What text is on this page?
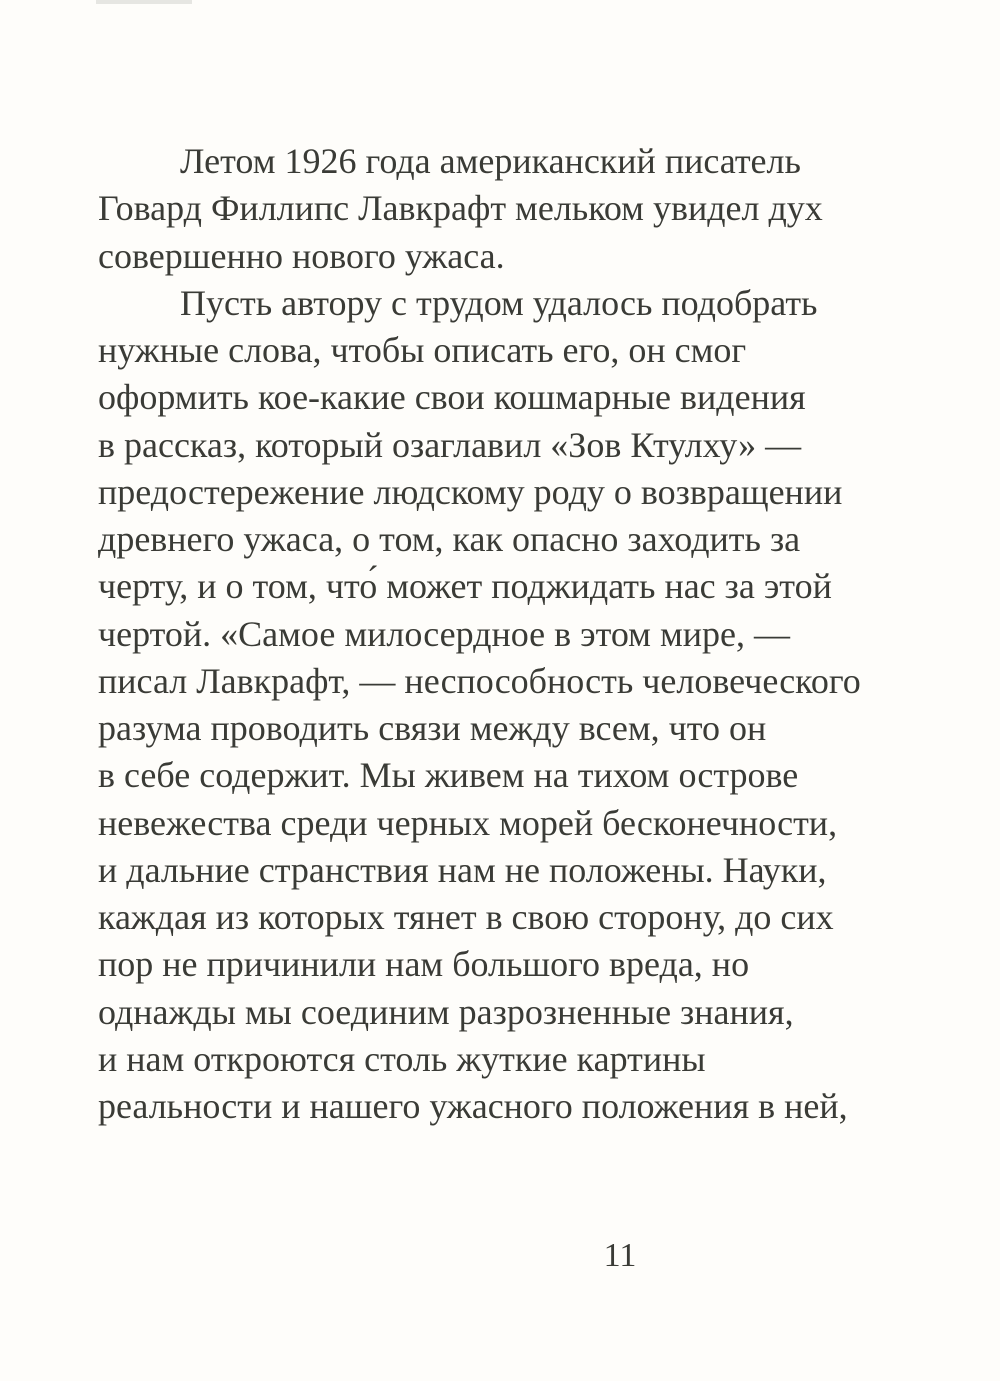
Летом 1926 года американский писатель
Говард Филлипс Лавкрафт мельком увидел дух
совершенно нового ужаса.
Пусть автору с трудом удалось подобрать
нужные слова, чтобы описать его, он смог
оформить кое-какие свои кошмарные видения
в рассказ, который озаглавил «Зов Ктулху» —
предостережение людскому роду о возвращении
древнего ужаса, о том, как опасно заходить за
черту, и о том, что́ может поджидать нас за этой
чертой. «Самое милосердное в этом мире, —
писал Лавкрафт, — неспособность человеческого
разума проводить связи между всем, что он
в себе содержит. Мы живем на тихом острове
невежества среди черных морей бесконечности,
и дальние странствия нам не положены. Науки,
каждая из которых тянет в свою сторону, до сих
пор не причинили нам большого вреда, но
однажды мы соединим разрозненные знания,
и нам откроются столь жуткие картины
реальности и нашего ужасного положения в ней,
11
